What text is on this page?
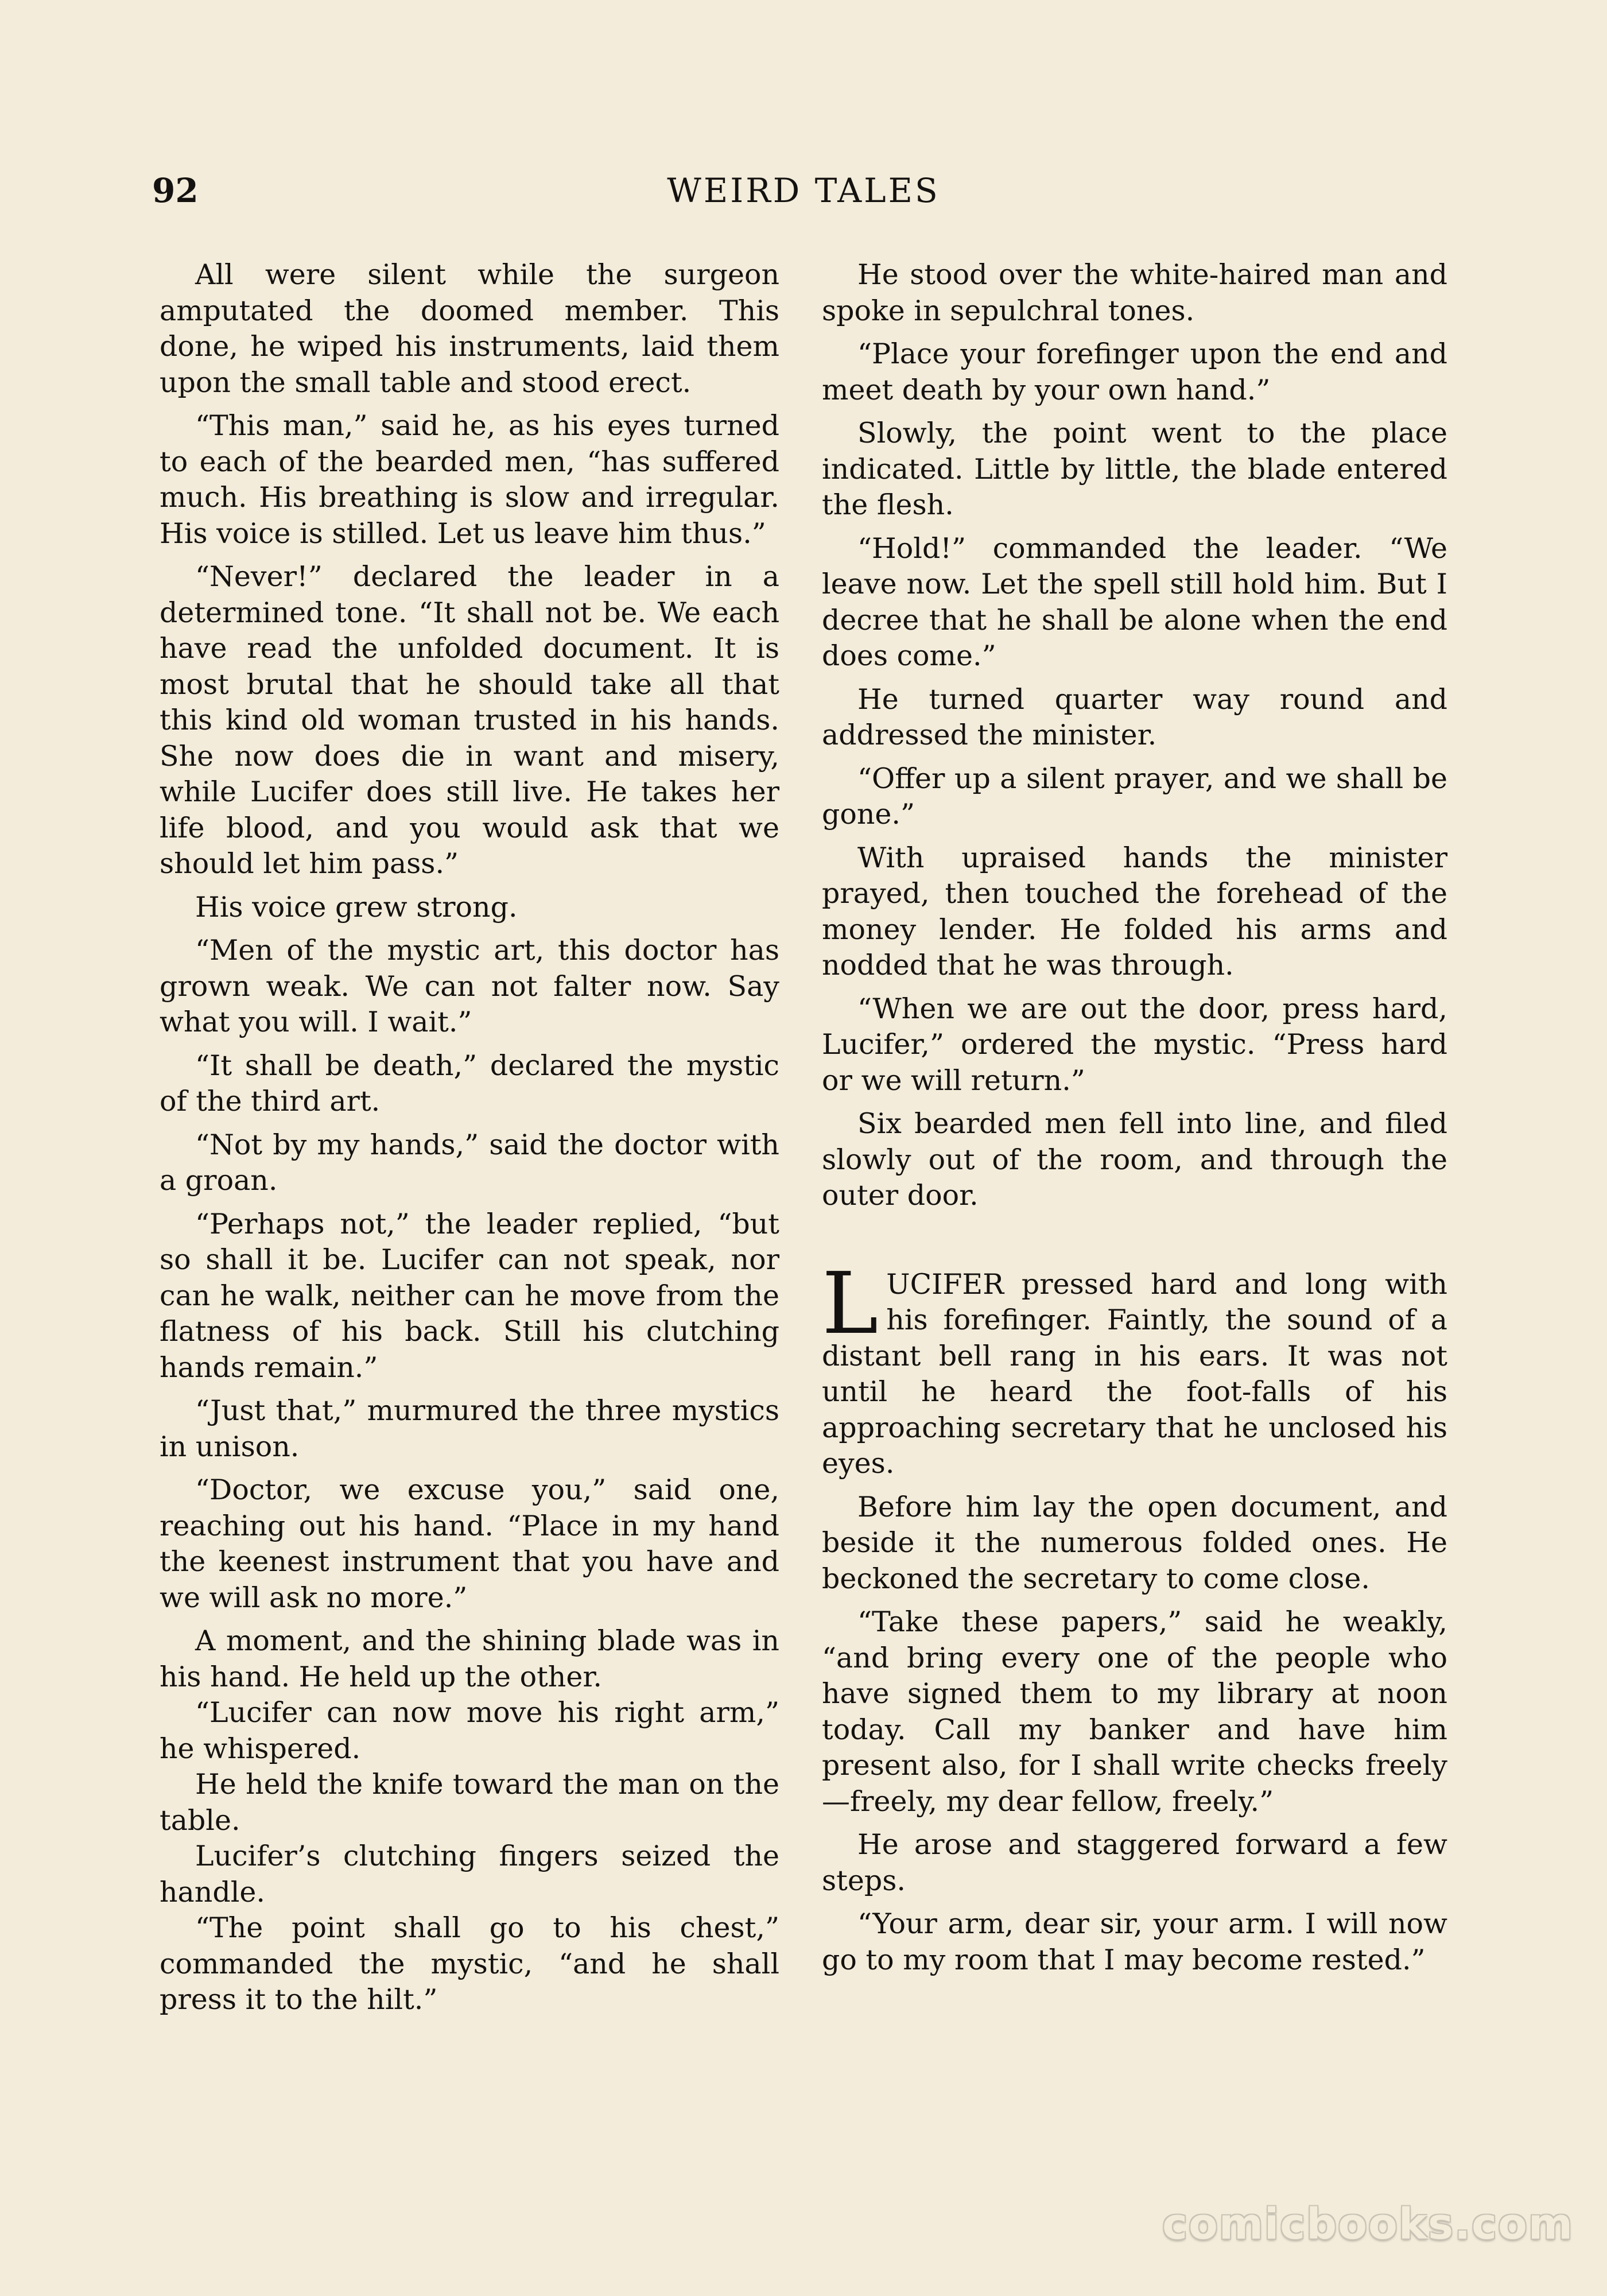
92	WEIRD TALES

All were silent while the surgeon amputated the doomed member. This done, he wiped his instruments, laid them upon the small table and stood erect.

“This man,” said he, as his eyes turned to each of the bearded men, “has suffered much. His breathing is slow and irregular. His voice is stilled. Let us leave him thus.”

“Never!” declared the leader in a determined tone. “It shall not be. We each have read the unfolded document. It is most brutal that he should take all that this kind old woman trusted in his hands. She now does die in want and misery, while Lucifer does still live. He takes her life blood, and you would ask that we should let him pass.”

His voice grew strong.

“Men of the mystic art, this doctor has grown weak. We can not falter now. Say what you will. I wait.”

“It shall be death,” declared the mystic of the third art.

“Not by my hands,” said the doctor with a groan.

“Perhaps not,” the leader replied, “but so shall it be. Lucifer can not speak, nor can he walk, neither can he move from the flatness of his back. Still his clutching hands remain.”

“Just that,” murmured the three mystics in unison.

“Doctor, we excuse you,” said one, reaching out his hand. “Place in my hand the keenest instrument that you have and we will ask no more.”

A moment, and the shining blade was in his hand. He held up the other.

“Lucifer can now move his right arm,” he whispered.

He held the knife toward the man on the table.

Lucifer’s clutching fingers seized the handle.

“The point shall go to his chest,” commanded the mystic, “and he shall press it to the hilt.”

He stood over the white-haired man and spoke in sepulchral tones.

“Place your forefinger upon the end and meet death by your own hand.”

Slowly, the point went to the place indicated. Little by little, the blade entered the flesh.

“Hold!” commanded the leader. “We leave now. Let the spell still hold him. But I decree that he shall be alone when the end does come.”

He turned quarter way round and addressed the minister.

“Offer up a silent prayer, and we shall be gone.”

With upraised hands the minister prayed, then touched the forehead of the money lender. He folded his arms and nodded that he was through.

“When we are out the door, press hard, Lucifer,” ordered the mystic. “Press hard or we will return.”

Six bearded men fell into line, and filed slowly out of the room, and through the outer door.

LUCIFER pressed hard and long with his forefinger. Faintly, the sound of a distant bell rang in his ears. It was not until he heard the foot-falls of his approaching secretary that he unclosed his eyes.

Before him lay the open document, and beside it the numerous folded ones. He beckoned the secretary to come close.

“Take these papers,” said he weakly, “and bring every one of the people who have signed them to my library at noon today. Call my banker and have him present also, for I shall write checks freely—freely, my dear fellow, freely.”

He arose and staggered forward a few steps.

“Your arm, dear sir, your arm. I will now go to my room that I may become rested.”

comicbooks.com
